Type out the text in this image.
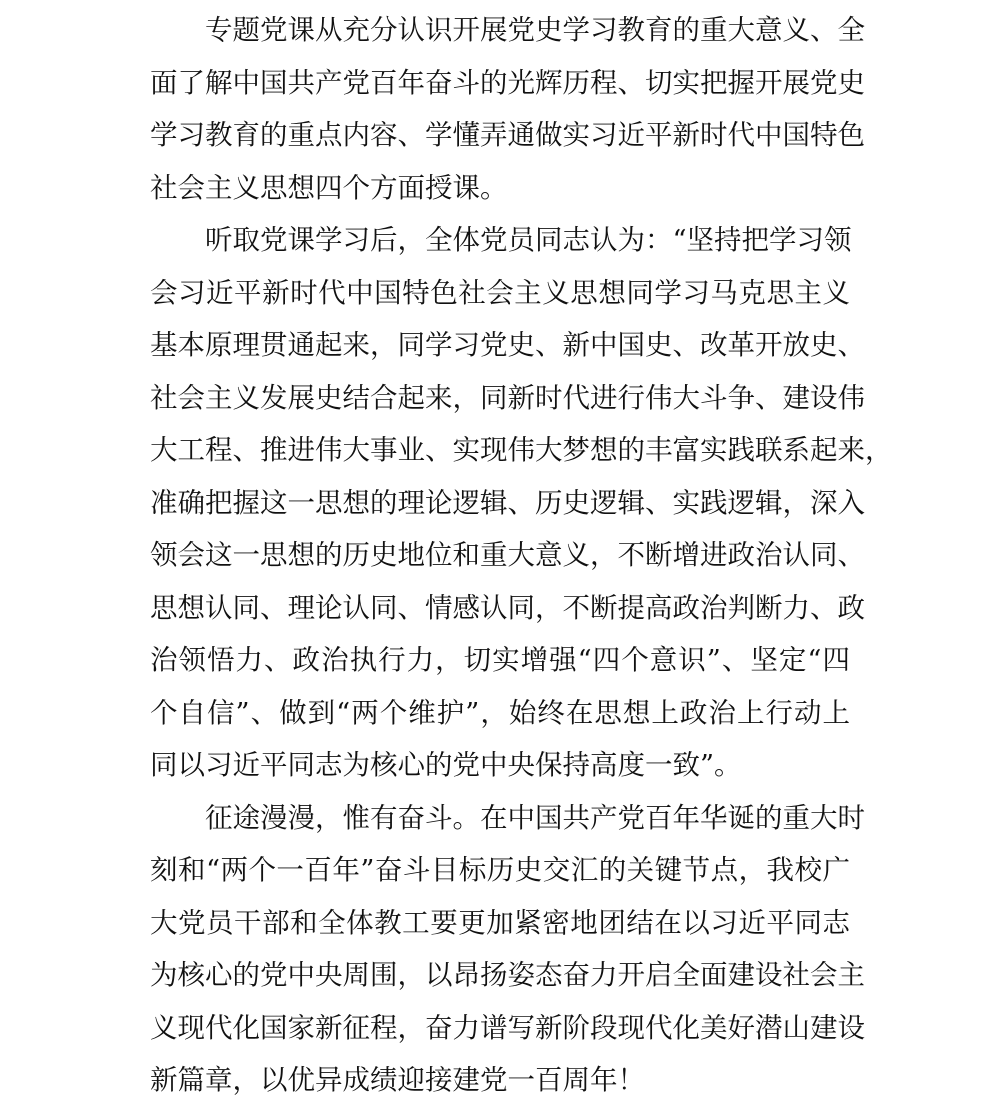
专题党课从充分认识开展党史学习教育的重大意义、全
面了解中国共产党百年奋斗的光辉历程、切实把握开展党史
学习教育的重点内容、学懂弄通做实习近平新时代中国特色
社会主义思想四个方面授课。
听取党课学习后，全体党员同志认为：“坚持把学习领
会习近平新时代中国特色社会主义思想同学习马克思主义
基本原理贯通起来，同学习党史、新中国史、改革开放史、
社会主义发展史结合起来，同新时代进行伟大斗争、建设伟
大工程、推进伟大事业、实现伟大梦想的丰富实践联系起来，
准确把握这一思想的理论逻辑、历史逻辑、实践逻辑，深入
领会这一思想的历史地位和重大意义，不断增进政治认同、
思想认同、理论认同、情感认同，不断提高政治判断力、政
治领悟力、政治执行力，切实增强“四个意识”、坚定“四
个自信”、做到“两个维护”，始终在思想上政治上行动上
同以习近平同志为核心的党中央保持高度一致”。
征途漫漫，惟有奋斗。在中国共产党百年华诞的重大时
刻和“两个一百年”奋斗目标历史交汇的关键节点，我校广
大党员干部和全体教工要更加紧密地团结在以习近平同志
为核心的党中央周围，以昂扬姿态奋力开启全面建设社会主
义现代化国家新征程，奋力谱写新阶段现代化美好潜山建设
新篇章，以优异成绩迎接建党一百周年！
